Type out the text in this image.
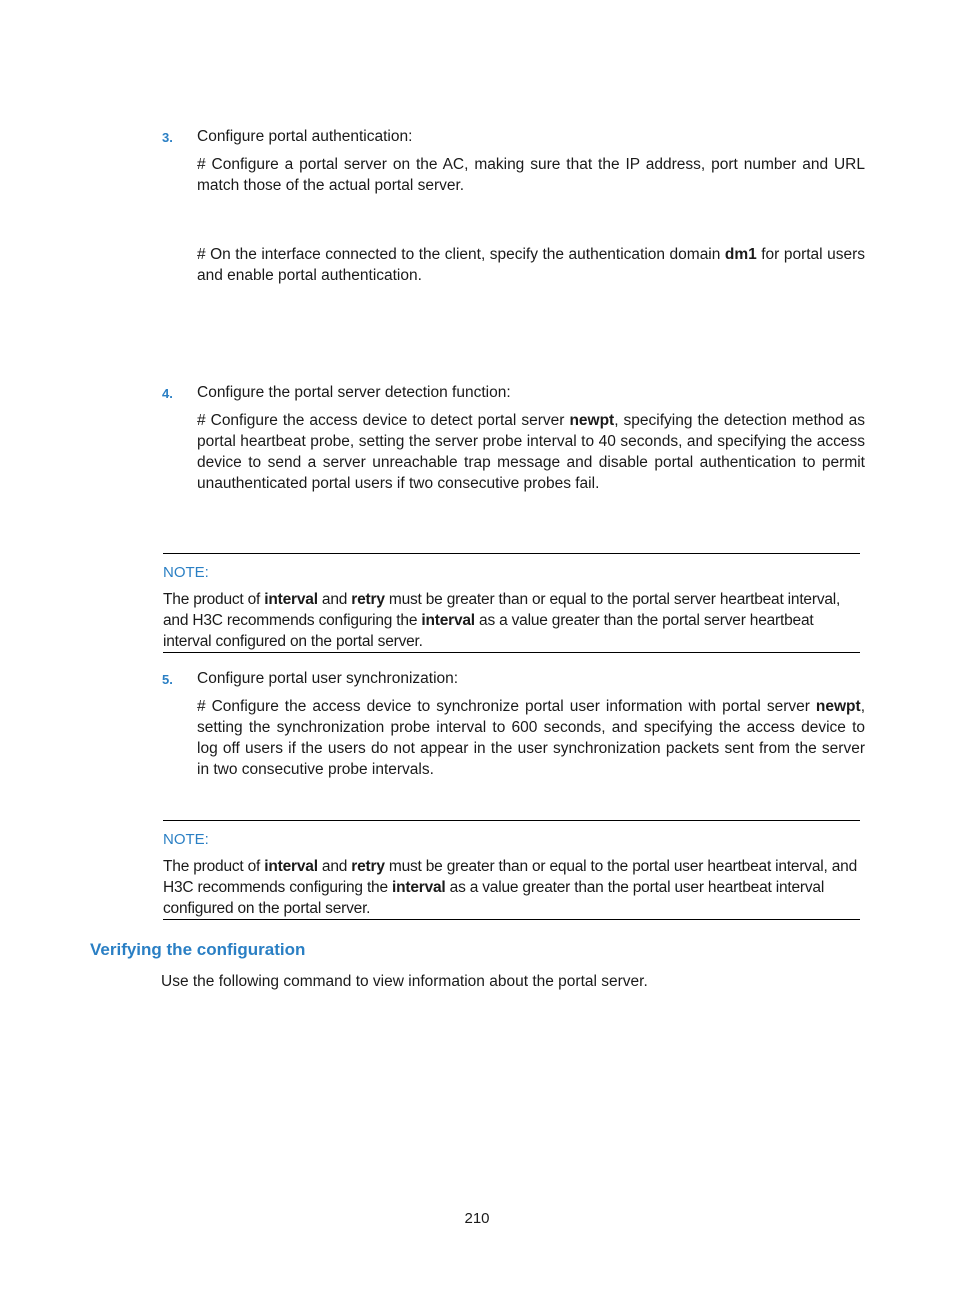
3. Configure portal authentication:
# Configure a portal server on the AC, making sure that the IP address, port number and URL match those of the actual portal server.
# On the interface connected to the client, specify the authentication domain dm1 for portal users and enable portal authentication.
4. Configure the portal server detection function:
# Configure the access device to detect portal server newpt, specifying the detection method as portal heartbeat probe, setting the server probe interval to 40 seconds, and specifying the access device to send a server unreachable trap message and disable portal authentication to permit unauthenticated portal users if two consecutive probes fail.
NOTE:
The product of interval and retry must be greater than or equal to the portal server heartbeat interval, and H3C recommends configuring the interval as a value greater than the portal server heartbeat interval configured on the portal server.
5. Configure portal user synchronization:
# Configure the access device to synchronize portal user information with portal server newpt, setting the synchronization probe interval to 600 seconds, and specifying the access device to log off users if the users do not appear in the user synchronization packets sent from the server in two consecutive probe intervals.
NOTE:
The product of interval and retry must be greater than or equal to the portal user heartbeat interval, and H3C recommends configuring the interval as a value greater than the portal user heartbeat interval configured on the portal server.
Verifying the configuration
Use the following command to view information about the portal server.
210
